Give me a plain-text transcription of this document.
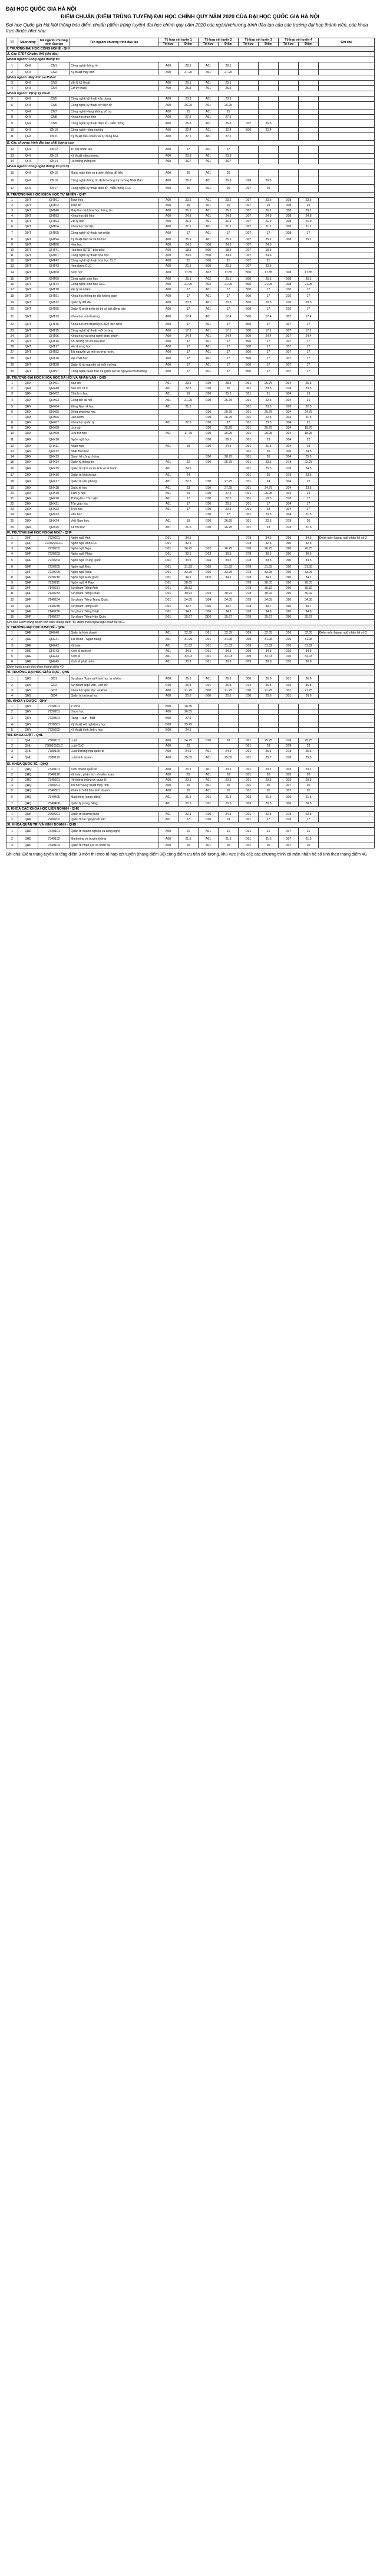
ĐẠI HỌC QUỐC GIA HÀ NỘI
ĐIỂM CHUẨN (ĐIỂM TRÚNG TUYỂN) ĐẠI HỌC CHÍNH QUY NĂM 2020 CỦA ĐẠI HỌC QUỐC GIA HÀ NỘI
Đại học Quốc gia Hà Nội thông báo điểm chuẩn (điểm trúng tuyển) đại học chính quy năm 2020 các ngành/chương trình đào tạo của các trường đại học thành viên, các khoa trực thuộc như sau:
TT	Mã trường	Mã ngành/ chương trình đào tạo	Tên ngành/ chương trình đào tạo	Tổ hợp xét tuyển 1		Tổ hợp xét tuyển 2		Tổ hợp xét tuyển 3		Tổ hợp xét tuyển 4		Ghi chú
				Tổ hợp	Điểm	Tổ hợp	Điểm	Tổ hợp	Điểm	Tổ hợp	Điểm	
I. TRƯỜNG ĐẠI HỌC CÔNG NGHỆ - QHI												
A. Các CTĐT Chuẩn: 940 (chỉ tiêu)												
Nhóm ngành: Công nghệ thông tin												
1	QHI	CN1	Công nghệ thông tin	A00	28.1	A01	28.1					
2	QHI	CN2	Kỹ thuật máy tính	A00	27.25	A01	27.25					
Nhóm ngành: Máy tính và Robot												
3	QHI	CN3	Vật lý kỹ thuật	A00	25.1	A01	25.1					
4	QHI	CN4	Cơ kỹ thuật	A00	25.5	A01	25.5					
Nhóm ngành: Vật lý kỹ thuật												
5	QHI	CN5	Công nghệ kỹ thuật xây dựng	A00	23.9	A01	23.9					
6	QHI	CN6	Công nghệ kỹ thuật cơ điện tử	A00	26.25	A01	26.25					
7	QHI	CN7	Công nghệ Hàng không vũ trụ	A00	25	A01	25					
8	QHI	CN8	Khoa học máy tính	A00	27.5	A01	27.5					
9	QHI	CN9	Công nghệ kỹ thuật điện tử - viễn thông	A00	26.6	A01	26.6	D07	26.6			
10	QHI	CN10	Công nghệ nông nghiệp	A00	22.4	A01	22.4	B00	22.4			
11	QHI	CN11	Kỹ thuật điều khiển và tự động hóa	A00	27.1	A01	27.1					
B. Các chương trình đào tạo chất lượng cao												
12	QHI	CN12	Trí tuệ nhân tạo	A00	27	A01	27					
13	QHI	CN13	Kỹ thuật năng lượng	A00	23.8	A01	23.8					
14	QHI	CN14	Hệ thống thông tin	A00	26.7	A01	26.7					
Nhóm ngành: Công nghệ thông tin (CLC)												
15	QHI	CN15	Mạng máy tính và truyền thông dữ liệu	A00	26	A01	26					
16	QHI	CN16	Công nghệ thông tin định hướng thị trường Nhật Bản	A00	26.6	A01	26.6	D28	26.6			
17	QHI	CN17	Công nghệ kỹ thuật điện tử - viễn thông CLC	A00	25	A01	25	D07	25			
II. TRƯỜNG ĐẠI HỌC KHOA HỌC TỰ NHIÊN - QHT												
1	QHT	QHT01	Toán học	A00	23.6	A01	23.6	D07	23.6	D08	23.6	
2	QHT	QHT02	Toán tin	A00	25	A01	25	D07	25	D08	25	
3	QHT	QHT40	Máy tính và khoa học thông tin	A00	26.1	A01	26.1	D07	26.1	D08	26.1	
4	QHT	QHT93	Khoa học dữ liệu	A00	24.8	A01	24.8	D07	24.8	D08	24.8	
5	QHT	QHT03	Vật lý học	A00	21.9	A01	21.9	D07	21.9	D08	21.9	
6	QHT	QHT04	Khoa học vật liệu	A00	21.1	A01	21.1	D07	21.1	D08	21.1	
7	QHT	QHT05	Công nghệ kỹ thuật hạt nhân	A00	17	A01	17	D07	17	D08	17	
8	QHT	QHT94	Kỹ thuật điện tử và tin học	A00	25.1	A01	25.1	D07	25.1	D08	25.1	
9	QHT	QHT06	Hóa học	A00	24.5	B00	24.5	D07	24.5			
10	QHT	QHT41	Hóa học (CTĐT tiên tiến)	A00	18.5	B00	18.5	D07	18.5			
11	QHT	QHT07	Công nghệ kỹ thuật hóa học	A00	24.6	B00	24.6	D07	24.6			
12	QHT	QHT42	Công nghệ kỹ thuật hóa học CLC	A00	21	B00	21	D07	21			
13	QHT	QHT43	Hóa dược CLC	A00	22.5	B00	22.5	D07	22.5			
14	QHT	QHT08	Sinh học	A00	17.85	A02	17.85	B00	17.85	D08	17.85	
15	QHT	QHT09	Công nghệ sinh học	A00	25.1	A02	25.1	B00	25.1	D08	25.1	
16	QHT	QHT44	Công nghệ sinh học CLC	A00	21.05	A02	21.05	B00	21.05	D08	21.05	
17	QHT	QHT10	Địa lý tự nhiên	A00	17	A01	17	B00	17	D10	17	
18	QHT	QHT91	Khoa học thông tin địa không gian	A00	17	A01	17	B00	17	D10	17	
19	QHT	QHT12	Quản lý đất đai	A00	20.3	A01	20.3	B00	20.3	D10	20.3	
20	QHT	QHT95	Quản lý phát triển đô thị và bất động sản	A00	17	A01	17	B00	17	D10	17	
21	QHT	QHT13	Khoa học môi trường	A00	17.4	A01	17.4	B00	17.4	D07	17.4	
22	QHT	QHT46	Khoa học môi trường (CTĐT tiên tiến)	A00	17	A01	17	B00	17	D07	17	
23	QHT	QHT15	Công nghệ kỹ thuật môi trường	A00	17.1	A01	17.1	B00	17.1	D07	17.1	
24	QHT	QHT96	Khoa học và công nghệ thực phẩm	A00	24.4	A01	24.4	B00	24.4	D07	24.4	
25	QHT	QHT16	Khí tượng và khí hậu học	A00	17	A01	17	B00	17	D07	17	
26	QHT	QHT17	Hải dương học	A00	17	A01	17	B00	17	D07	17	
27	QHT	QHT92	Tài nguyên và môi trường nước	A00	17	A01	17	B00	17	D07	17	
28	QHT	QHT18	Địa chất học	A00	17	A01	17	B00	17	D07	17	
29	QHT	QHT20	Quản lý tài nguyên và môi trường	A00	17	A01	17	B00	17	D07	17	
30	QHT	QHT97	Công nghệ quan trắc và giám sát tài nguyên môi trường	A00	17	A01	17	B00	17	D07	17	
III. TRƯỜNG ĐẠI HỌC KHOA HỌC XÃ HỘI VÀ NHÂN VĂN - QHX												
1	QHX	QHX01	Báo chí	A01	23.5	C00	28.5	D01	25.75	D04	25.5	
2	QHX	QHX40	Báo chí CLC	A01	22.5	C00	26	D01	23.5	D78	23.5	
3	QHX	QHX02	Chính trị học	A01	19	C00	25.5	D01	21	D04	19	
4	QHX	QHX03	Công tác xã hội	A01	21.25	C00	25.75	D01	22.5	D04	21	
5	QHX	QHX04	Đông Nam Á học	A01	21.5			D01	23.5	D78	22.5	
6	QHX	QHX05	Đông phương học			C00	29.75	D01	25.75	D04	24.75	
7	QHX	QHX06	Hán Nôm			C00	26.75	D01	22.5	D04	21.5	
8	QHX	QHX07	Khoa học quản lý	A01	22.5	C00	27	D01	23.5	D04	21	
9	QHX	QHX08	Lịch sử			C00	25.25	D01	20.75	D04	18.75	
10	QHX	QHX09	Lưu trữ học	A01	17.75	C00	25.25	D01	20.25	D04	18.25	
11	QHX	QHX10	Ngôn ngữ học			C00	26.5	D01	23	D04	22	
12	QHX	QHX11	Nhân học	A01	19	C00	24.5	D01	21.5	D04	19	
13	QHX	QHX12	Nhật Bản học					D01	26	D06	24.5	
14	QHX	QHX13	Quan hệ công chúng			C00	28.75	D01	26	D04	25.5	
15	QHX	QHX14	Quản lý thông tin	A01	22	C00	25.75	D01	23.5	D78	22.25	
16	QHX	QHX15	Quản trị dịch vụ du lịch và lữ hành	A01	24.5			D01	25.5	D78	24.5	
17	QHX	QHX16	Quản trị khách sạn	A01	24			D01	25	D78	23.5	
18	QHX	QHX17	Quản trị văn phòng	A01	22.5	C00	27.25	D01	24	D04	22	
19	QHX	QHX18	Quốc tế học	A01	23	C00	27.25	D01	24.75	D04	23.5	
20	QHX	QHX19	Tâm lý học	A01	24	C00	27.5	D01	25.25	D04	24	
21	QHX	QHX20	Thông tin - Thư viện	A01	17	C00	22.5	D01	18.5	D78	17	
22	QHX	QHX21	Tôn giáo học	A01	17	C00	20.5	D01	17	D04	17	
23	QHX	QHX22	Triết học	A01	17	C00	22.5	D01	18	D04	17	
24	QHX	QHX23	Văn học			C00	27	D01	23.5	D04	21.5	
25	QHX	QHX24	Việt Nam học	A01	19	C00	26.25	D01	22.5	D78	20	
26	QHX	QHX25	Xã hội học	A01	21.5	C00	26.25	D01	23	D78	21.5	
IV. TRƯỜNG ĐẠI HỌC NGOẠI NGỮ - QHF												
1	QHF	7220201	Ngôn ngữ Anh	D01	34.5			D78	34.5	D90	34.5	Điểm môn Ngoại ngữ nhân hệ số 2
2	QHF	7220201CLC	Ngôn ngữ Anh CLC	D01	32.5			D78	32.5	D90	32.5	
3	QHF	7220202	Ngôn ngữ Nga	D01	26.75	D02	26.75	D78	26.75	D90	26.75	
4	QHF	7220203	Ngôn ngữ Pháp	D01	30.5	D03	30.5	D78	30.5	D90	30.5	
5	QHF	7220204	Ngôn ngữ Trung Quốc	D01	33.5	D04	33.5	D78	33.5	D90	33.5	
6	QHF	7220205	Ngôn ngữ Đức	D01	31.55	D05	31.55	D78	31.55	D90	31.55	
7	QHF	7220209	Ngôn ngữ Nhật	D01	33.25	D06	33.25	D78	33.25	D90	33.25	
8	QHF	7220210	Ngôn ngữ Hàn Quốc	D01	34.1	DD2	34.1	D78	34.1	D90	34.1	
9	QHF	7220211	Ngôn ngữ Ả Rập	D01	28.05			D78	28.05	D90	28.05	
10	QHF	7140231	Sư phạm Tiếng Anh	D01	35.82			D78	35.82	D90	35.82	
11	QHF	7140233	Sư phạm Tiếng Pháp	D01	30.92	D03	30.92	D78	30.92	D90	30.92	
12	QHF	7140234	Sư phạm Tiếng Trung Quốc	D01	34.05	D04	34.05	D78	34.05	D90	34.05	
13	QHF	7140235	Sư phạm Tiếng Đức	D01	30.7	D05	30.7	D78	30.7	D90	30.7	
14	QHF	7140236	Sư phạm Tiếng Nhật	D01	34.8	D06	34.8	D78	34.8	D90	34.8	
15	QHF	7140237	Sư phạm Tiếng Hàn Quốc	D01	35.67	DD2	35.67	D78	35.67	D90	35.67	
Ghi chú: Điểm trúng tuyển tính theo thang điểm 40, điểm môn Ngoại ngữ nhân hệ số 2.												
V. TRƯỜNG ĐẠI HỌC KINH TẾ - QHE												
1	QHE	QHE40	Quản trị kinh doanh	A01	32.35	D01	32.35	D09	32.35	D10	32.35	Điểm môn Ngoại ngữ nhân hệ số 2
2	QHE	QHE41	Tài chính - Ngân hàng	A01	31.95	D01	31.95	D09	31.95	D10	31.95	
3	QHE	QHE42	Kế toán	A01	31.82	D01	31.82	D09	31.82	D10	31.82	
4	QHE	QHE43	Kinh tế quốc tế	A01	34.5	D01	34.5	D09	34.5	D10	34.5	
5	QHE	QHE44	Kinh tế	A01	32.03	D01	32.03	D09	32.03	D10	32.03	
6	QHE	QHE45	Kinh tế phát triển	A01	30.8	D01	30.8	D09	30.8	D10	30.8	
Điểm trúng tuyển tính theo thang điểm 40.												
VI. TRƯỜNG ĐẠI HỌC GIÁO DỤC - QHS												
1	QHS	GD1	Sư phạm Toán và Khoa học tự nhiên	A00	26.6	A01	26.6	B00	26.6	D01	26.6	
2	QHS	GD2	Sư phạm Ngữ văn, Lịch sử	C00	26.8	D01	26.8	D14	26.8	D15	26.8	
3	QHS	GD3	Khoa học giáo dục và khác	A00	21.25	B00	21.25	C00	21.25	D01	21.25	
4	QHS	GD4	Quản trị trường học	A00	20.6	B00	20.6	C00	20.6	D01	20.6	
VII. KHOA Y DƯỢC - QHY												
1	QHY	7720101	Y khoa	B00	28.35							
2	QHY	7720201	Dược học	A00	26.55							
3	QHY	7720501	Răng - Hàm - Mặt	B00	27.9							
4	QHY	7720601	Kỹ thuật xét nghiệm y học	B00	25.45							
5	QHY	7720602	Kỹ thuật hình ảnh y học	B00	24.1							
VIII. KHOA LUẬT - QHL												
1	QHL	7380101	Luật	A00	24.75	C00	28	D01	25.75	D78	25.75	
2	QHL	7380101CLC	Luật CLC	A00	22			D01	23	D78	23	
3	QHL	7380109	Luật thương mại quốc tế	A00	24.9	A01	24.9	D01	26.1	D78	25.5	
4	QHL	7380110	Luật kinh doanh	A00	25.05	A01	25.05	D01	25.7	D78	25.5	
IX. KHOA QUỐC TẾ - QHQ												
1	QHQ	7340101	Kinh doanh quốc tế	A00	23.1	A01	23.1	D01	23.1	D03	23.1	
2	QHQ	7340120	Kế toán, phân tích và kiểm toán	A00	20	A01	20	D01	20	D03	20	
3	QHQ	7340201	Hệ thống thông tin quản lý	A00	20.5	A01	20.5	D01	20.5	D03	20.5	
4	QHQ	7480201	Tin học và kỹ thuật máy tính	A00	20	A01	20	D01	20	D07	20	
5	QHQ	7340301	Phân tích dữ liệu kinh doanh	A00	20	A01	20	D01	20	D07	20	
6	QHQ	7340405	Marketing (song bằng)	A01	21.5	D01	21.5	D03	21.5	D06	21.5	
7	QHQ	7340406	Quản lý (song bằng)	A01	20.5	D01	20.5	D03	20.5	D06	20.5	
X. KHOA CÁC KHOA HỌC LIÊN NGÀNH - QHK												
1	QHK	7900201	Quản trị thương hiệu	A01	22.5	C00	24.5	D01	22.5	D78	22.5	
2	QHK	7900202	Quản trị tài nguyên di sản	A01	17	C00	19	D01	17	D78	17	
XI. KHOA QUẢN TRỊ VÀ KINH DOANH - QHD												
1	QHD	7340101	Quản trị doanh nghiệp và công nghệ	A00	21	A01	21	D01	21	D07	21	
2	QHD	7340102	Marketing và truyền thông	A00	21.5	A01	21.5	D01	21.5	D07	21.5	
3	QHD	7340103	Quản trị nhân lực và nhân tài	A00	20	A01	20	D01	20	D07	20	
Ghi chú: Điểm trúng tuyển là tổng điểm 3 môn thi theo tổ hợp xét tuyển (thang điểm 30) cộng điểm ưu tiên đối tượng, khu vực (nếu có); các chương trình có môn nhân hệ số tính theo thang điểm 40.
